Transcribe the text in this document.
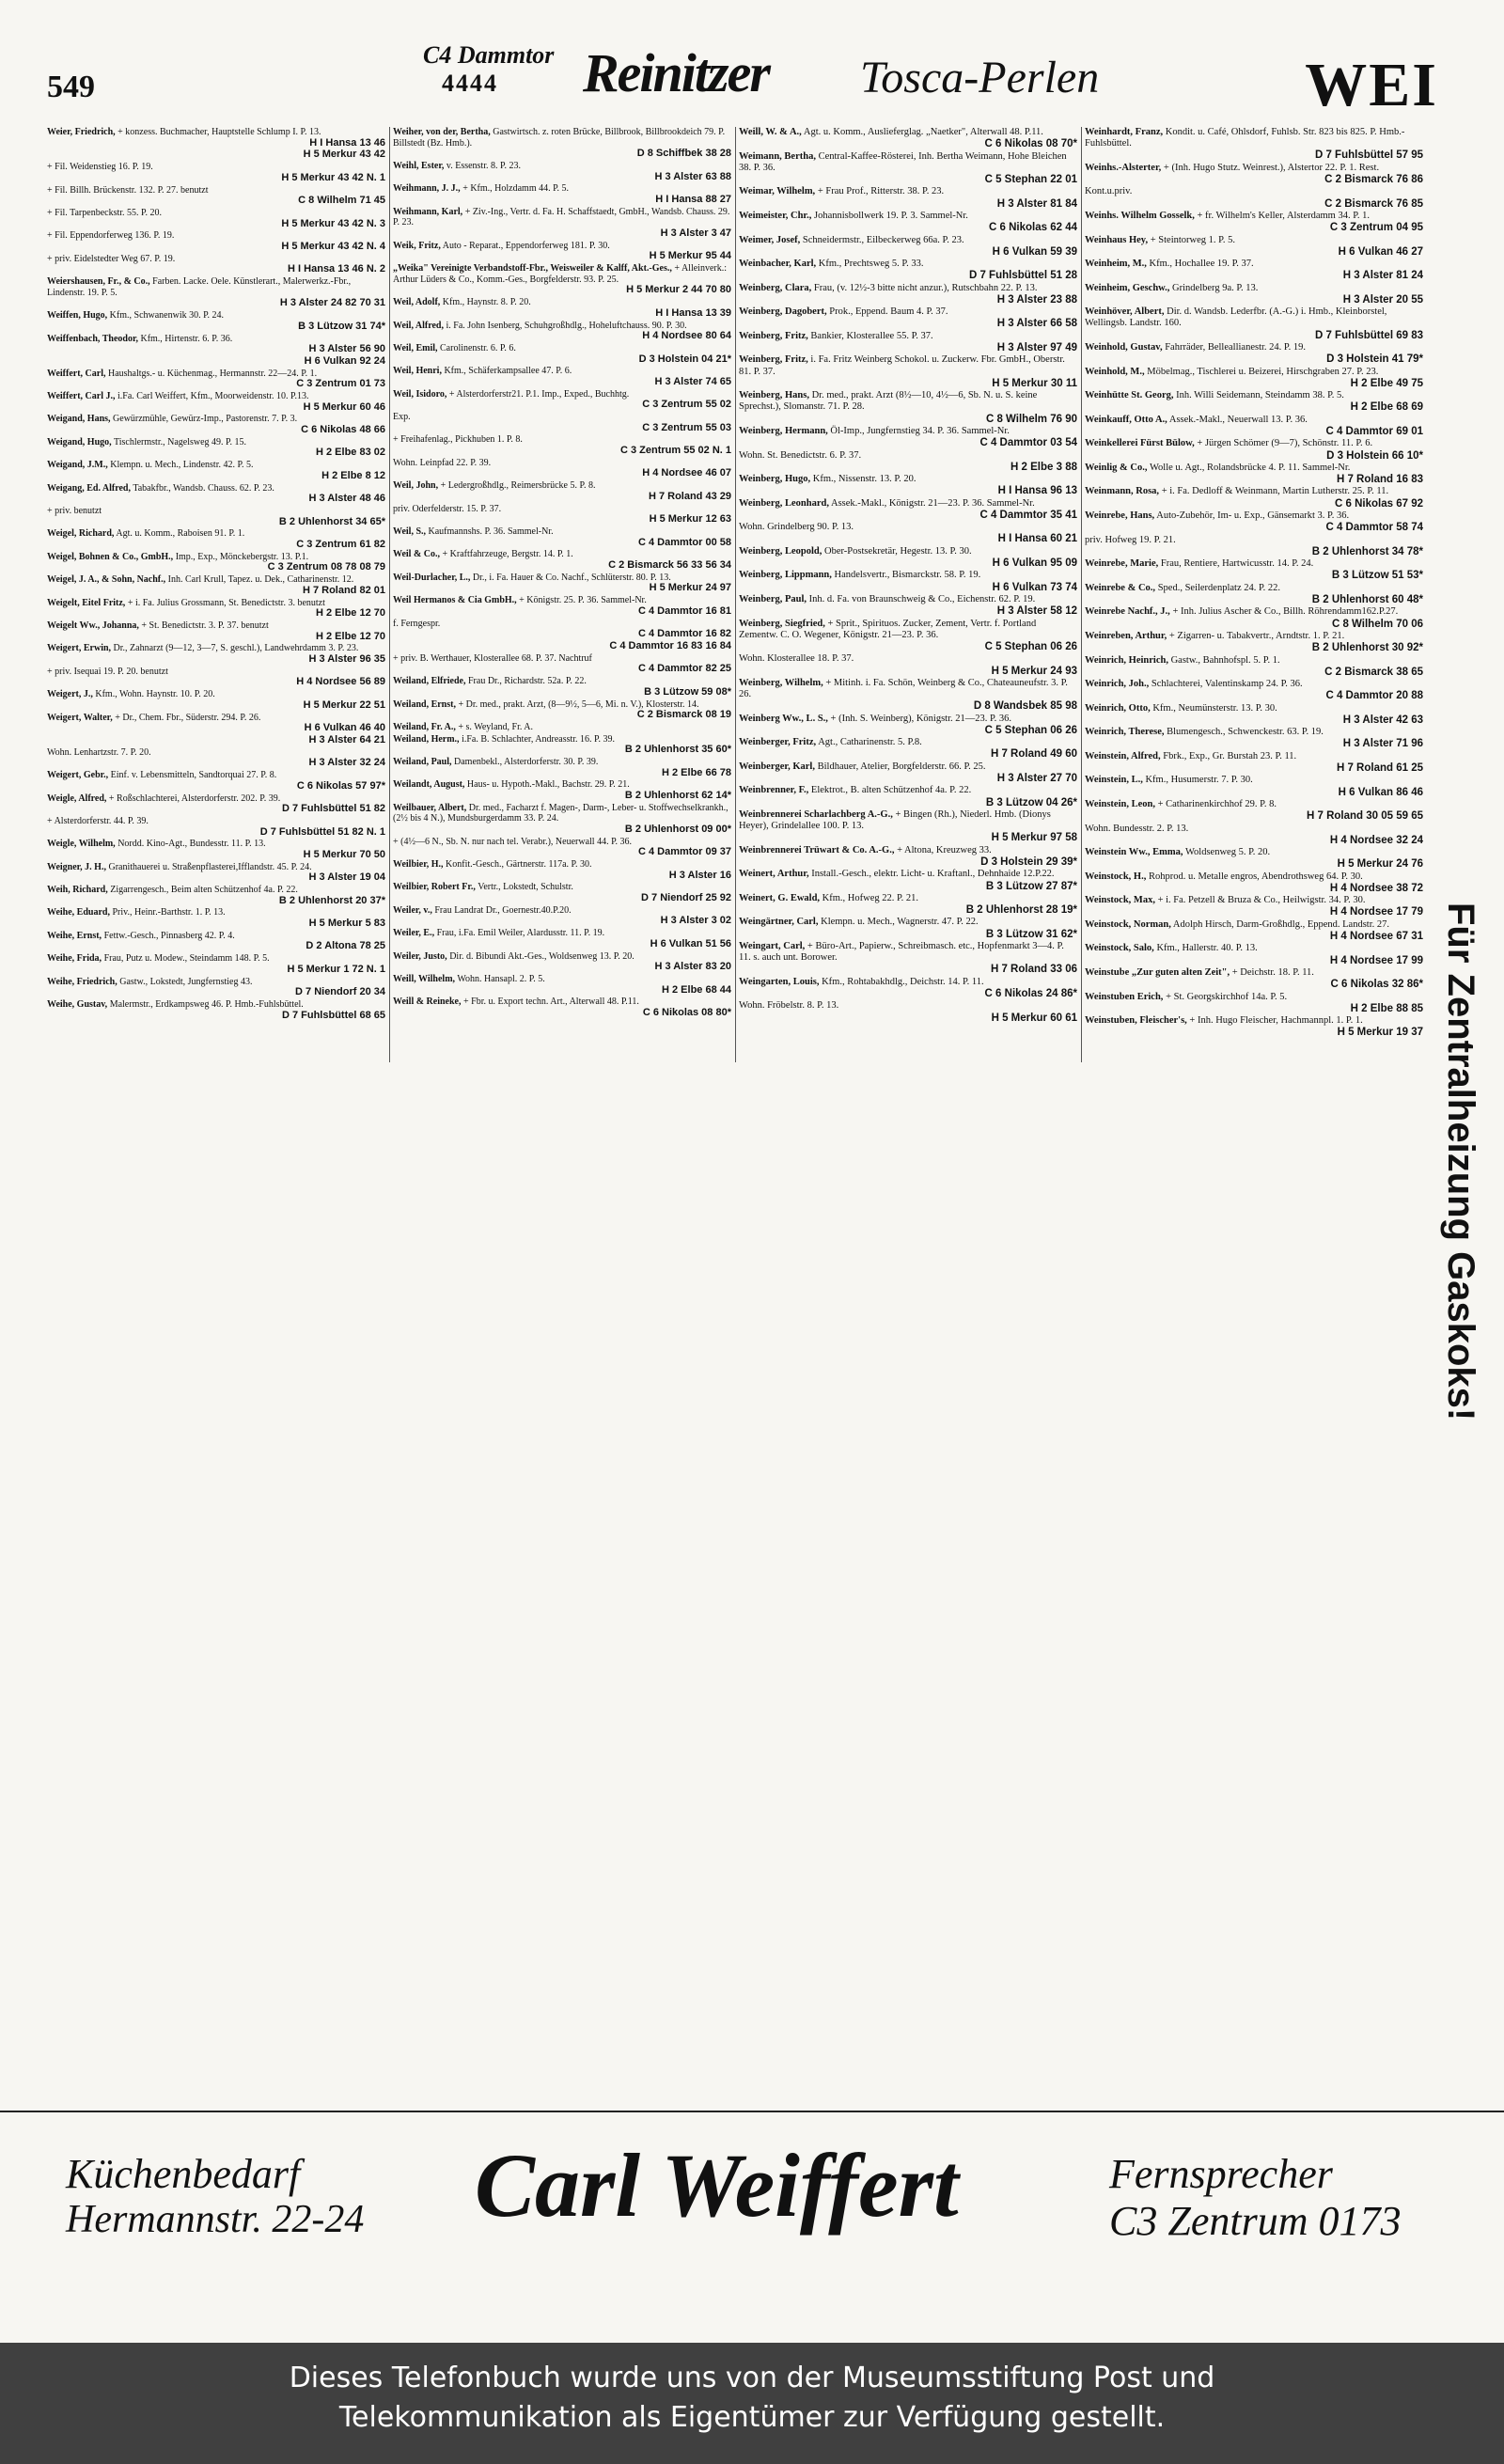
549
C4 Dammtor
4444 Reinitzer Tosca-Perlen	WEI
Weier, Friedrich, + konzess. Buchmacher, Hauptstelle Schlump I. P. 13.
H I Hansa 13 46
H 5 Merkur 43 42
+ Fil. Weidenstieg 16. P. 19.
H 5 Merkur 43 42 N. 1
+ Fil. Billh. Brückenstr. 132. P. 27. benutzt
C 8 Wilhelm 71 45
+ Fil. Tarpenbeckstr. 55. P. 20.
H 5 Merkur 43 42 N. 3
+ Fil. Eppendorferweg 136. P. 19.
H 5 Merkur 43 42 N. 4
+ priv. Eidelstedter Weg 67. P. 19.
H I Hansa 13 46 N. 2
Weiershausen, Fr., & Co., Farben. Lacke. Oele. Künstlerart., Malerwerkz.-Fbr., Lindenstr. 19. P. 5.
H 3 Alster 24 82 70 31
Weiffen, Hugo, Kfm., Schwanenwik 30. P. 24.
B 3 Lützow 31 74*
Weiffenbach, Theodor, Kfm., Hirtenstr. 6. P. 36.
H 3 Alster 56 90
H 6 Vulkan 92 24
Weiffert, Carl, Haushaltgs.- u. Küchenmag., Hermannstr. 22—24. P. 1.
C 3 Zentrum 01 73
Weiffert, Carl J., i.Fa. Carl Weiffert, Kfm., Moorweidenstr. 10. P.13.
H 5 Merkur 60 46
Weigand, Hans, Gewürzmühle, Gewürz-Imp., Pastorenstr. 7. P. 3.
C 6 Nikolas 48 66
Weigand, Hugo, Tischlermstr., Nagelsweg 49. P. 15.
H 2 Elbe 83 02
Weigand, J.M., Klempn. u. Mech., Lindenstr. 42. P. 5.
H 2 Elbe 8 12
Weigang, Ed. Alfred, Tabakfbr., Wandsb. Chauss. 62. P. 23.
H 3 Alster 48 46
+ priv. benutzt
B 2 Uhlenhorst 34 65*
Weigel, Richard, Agt. u. Komm., Raboisen 91. P. 1.
C 3 Zentrum 61 82
Weigel, Bohnen & Co., GmbH., Imp., Exp., Mönckebergstr. 13. P.1.
C 3 Zentrum 08 78 08 79
Weigel, J. A., & Sohn, Nachf., Inh. Carl Krull, Tapez. u. Dek., Catharinenstr. 12.
H 7 Roland 82 01
Weigelt, Eitel Fritz, + i. Fa. Julius Grossmann, St. Benedictstr. 3. benutzt
H 2 Elbe 12 70
Weigelt Ww., Johanna, + St. Benedictstr. 3. P. 37. benutzt
H 2 Elbe 12 70
Weigert, Erwin, Dr., Zahnarzt (9—12, 3—7, S. geschl.), Landwehrdamm 3. P. 23.
H 3 Alster 96 35
+ priv. Isequai 19. P. 20. benutzt
H 4 Nordsee 56 89
Weigert, J., Kfm., Wohn. Haynstr. 10. P. 20.
H 5 Merkur 22 51
Weigert, Walter, + Dr., Chem. Fbr., Süderstr. 294. P. 26.
H 6 Vulkan 46 40
H 3 Alster 64 21
Wohn. Lenhartzstr. 7. P. 20.
H 3 Alster 32 24
Weigert, Gebr., Einf. v. Lebensmitteln, Sandtorquai 27. P. 8.
C 6 Nikolas 57 97*
Weigle, Alfred, + Roßschlachterei, Alsterdorferstr. 202. P. 39.
D 7 Fuhlsbüttel 51 82
+ Alsterdorferstr. 44. P. 39.
D 7 Fuhlsbüttel 51 82 N. 1
Weigle, Wilhelm, Nordd. Kino-Agt., Bundesstr. 11. P. 13.
H 5 Merkur 70 50
Weigner, J. H., Granithauerei u. Straßenpflasterei,Ifflandstr. 45. P. 24.
H 3 Alster 19 04
Weih, Richard, Zigarrengesch., Beim alten Schützenhof 4a. P. 22.
B 2 Uhlenhorst 20 37*
Weihe, Eduard, Priv., Heinr.-Barthstr. 1. P. 13.
H 5 Merkur 5 83
Weihe, Ernst, Fettw.-Gesch., Pinnasberg 42. P. 4.
D 2 Altona 78 25
Weihe, Frida, Frau, Putz u. Modew., Steindamm 148. P. 5.
H 5 Merkur 1 72 N. 1
Weihe, Friedrich, Gastw., Lokstedt, Jungfernstieg 43.
D 7 Niendorf 20 34
Weihe, Gustav, Malermstr., Erdkampsweg 46. P. Hmb.-Fuhlsbüttel.
D 7 Fuhlsbüttel 68 65
Weiher, von der, Bertha, Gastwirtsch. z. roten Brücke, Billbrook, Billbrookdeich 79. P. Billstedt (Bz. Hmb.).
D 8 Schiffbek 38 28
Weihl, Ester, v. Essenstr. 8. P. 23.
H 3 Alster 63 88
Weihmann, J. J., + Kfm., Holzdamm 44. P. 5.
H I Hansa 88 27
Weihmann, Karl, + Ziv.-Ing., Vertr. d. Fa. H. Schaffstaedt, GmbH., Wandsb. Chauss. 29. P. 23.
H 3 Alster 3 47
Weik, Fritz, Auto - Reparat., Eppendorferweg 181. P. 30.
H 5 Merkur 95 44
„Weika" Vereinigte Verbandstoff-Fbr., Weisweiler & Kalff, Akt.-Ges., + Alleinverk.: Arthur Lüders & Co., Komm.-Ges., Borgfelderstr. 93. P. 25.
H 5 Merkur 2 44 70 80
Weil, Adolf, Kfm., Haynstr. 8. P. 20.
H I Hansa 13 39
Weil, Alfred, i. Fa. John Isenberg, Schuhgroßhdlg., Hoheluftchauss. 90. P. 30.
H 4 Nordsee 80 64
Weil, Emil, Carolinenstr. 6. P. 6.
D 3 Holstein 04 21*
Weil, Henri, Kfm., Schäferkampsallee 47. P. 6.
H 3 Alster 74 65
Weil, Isidoro, + Alsterdorferstr21. P.1. Imp., Exped., Buchhtg.
C 3 Zentrum 55 02
Exp.
C 3 Zentrum 55 03
+ Freihafenlag., Pickhuben 1. P. 8.
C 3 Zentrum 55 02 N. 1
Wohn. Leinpfad 22. P. 39.
H 4 Nordsee 46 07
Weil, John, + Ledergroßhdlg., Reimersbrücke 5. P. 8.
H 7 Roland 43 29
priv. Oderfelderstr. 15. P. 37.
H 5 Merkur 12 63
Weil, S., Kaufmannshs. P. 36. Sammel-Nr.
C 4 Dammtor 00 58
Weil & Co., + Kraftfahrzeuge, Bergstr. 14. P. 1.
C 2 Bismarck 56 33 56 34
Weil-Durlacher, L., Dr., i. Fa. Hauer & Co. Nachf., Schlüterstr. 80. P. 13.
H 5 Merkur 24 97
Weil Hermanos & Cia GmbH., + Königstr. 25. P. 36. Sammel-Nr.
C 4 Dammtor 16 81
f. Ferngespr.
C 4 Dammtor 16 82
C 4 Dammtor 16 83 16 84
+ priv. B. Werthauer, Klosterallee 68. P. 37. Nachtruf
C 4 Dammtor 82 25
Weiland, Elfriede, Frau Dr., Richardstr. 52a. P. 22.
B 3 Lützow 59 08*
Weiland, Ernst, + Dr. med., prakt. Arzt, (8—9½, 5—6, Mi. n. V.), Klosterstr. 14.
C 2 Bismarck 08 19
Weiland, Fr. A., + s. Weyland, Fr. A.
Weiland, Herm., i.Fa. B. Schlachter, Andreasstr. 16. P. 39.
B 2 Uhlenhorst 35 60*
Weiland, Paul, Damenbekl., Alsterdorferstr. 30. P. 39.
H 2 Elbe 66 78
Weilandt, August, Haus- u. Hypoth.-Makl., Bachstr. 29. P. 21.
B 2 Uhlenhorst 62 14*
Weilbauer, Albert, Dr. med., Facharzt f. Magen-, Darm-, Leber- u. Stoffwechselkrankh., (2½ bis 4 N.), Mundsburgerdamm 33. P. 24.
B 2 Uhlenhorst 09 00*
+ (4½—6 N., Sb. N. nur nach tel. Verabr.), Neuerwall 44. P. 36.
C 4 Dammtor 09 37
Weilbier, H., Konfit.-Gesch., Gärtnerstr. 117a. P. 30.
H 3 Alster 16
Weilbier, Robert Fr., Vertr., Lokstedt, Schulstr.
D 7 Niendorf 25 92
Weiler, v., Frau Landrat Dr., Goernestr.40.P.20.
H 3 Alster 3 02
Weiler, E., Frau, i.Fa. Emil Weiler, Alardusstr. 11. P. 19.
H 6 Vulkan 51 56
Weiler, Justo, Dir. d. Bibundi Akt.-Ges., Woldsenweg 13. P. 20.
H 3 Alster 83 20
Weill, Wilhelm, Wohn. Hansapl. 2. P. 5.
H 2 Elbe 68 44
Weill & Reineke, + Fbr. u. Export techn. Art., Alterwall 48. P.11.
C 6 Nikolas 08 80*
Weill, W. & A., Agt. u. Komm., Auslieferglag. „Naetker", Alterwall 48. P.11.
C 6 Nikolas 08 70*
Weimann, Bertha, Central-Kaffee-Rösterei, Inh. Bertha Weimann, Hohe Bleichen 38. P. 36.
C 5 Stephan 22 01
Weimar, Wilhelm, + Frau Prof., Ritterstr. 38. P. 23.
H 3 Alster 81 84
Weimeister, Chr., Johannisbollwerk 19. P. 3. Sammel-Nr.
C 6 Nikolas 62 44
Weimer, Josef, Schneidermstr., Eilbeckerweg 66a. P. 23.
H 6 Vulkan 59 39
Weinbacher, Karl, Kfm., Prechtsweg 5. P. 33.
D 7 Fuhlsbüttel 51 28
Weinberg, Clara, Frau, (v. 12½-3 bitte nicht anzur.), Rutschbahn 22. P. 13.
H 3 Alster 23 88
Weinberg, Dagobert, Prok., Eppend. Baum 4. P. 37.
H 3 Alster 66 58
Weinberg, Fritz, Bankier, Klosterallee 55. P. 37.
H 3 Alster 97 49
Weinberg, Fritz, i. Fa. Fritz Weinberg Schokol. u. Zuckerw. Fbr. GmbH., Oberstr. 81. P. 37.
H 5 Merkur 30 11
Weinberg, Hans, Dr. med., prakt. Arzt (8½—10, 4½—6, Sb. N. u. S. keine Sprechst.), Slomanstr. 71. P. 28.
C 8 Wilhelm 76 90
Weinberg, Hermann, Öl-Imp., Jungfernstieg 34. P. 36. Sammel-Nr.
C 4 Dammtor 03 54
Wohn. St. Benedictstr. 6. P. 37.
H 2 Elbe 3 88
Weinberg, Hugo, Kfm., Nissenstr. 13. P. 20.
H I Hansa 96 13
Weinberg, Leonhard, Assek.-Makl., Königstr. 21—23. P. 36. Sammel-Nr.
C 4 Dammtor 35 41
Wohn. Grindelberg 90. P. 13.
H I Hansa 60 21
Weinberg, Leopold, Ober-Postsekretär, Hegestr. 13. P. 30.
H 6 Vulkan 95 09
Weinberg, Lippmann, Handelsvertr., Bismarckstr. 58. P. 19.
H 6 Vulkan 73 74
Weinberg, Paul, Inh. d. Fa. von Braunschweig & Co., Eichenstr. 62. P. 19.
H 3 Alster 58 12
Weinberg, Siegfried, + Sprit., Spirituos. Zucker, Zement, Vertr. f. Portland Zementw. C. O. Wegener, Königstr. 21—23. P. 36.
C 5 Stephan 06 26
Wohn. Klosterallee 18. P. 37.
H 5 Merkur 24 93
Weinberg, Wilhelm, + Mitinh. i. Fa. Schön, Weinberg & Co., Chateauneufstr. 3. P. 26.
D 8 Wandsbek 85 98
Weinberg Ww., L. S., + (Inh. S. Weinberg), Königstr. 21—23. P. 36.
C 5 Stephan 06 26
Weinberger, Fritz, Agt., Catharinenstr. 5. P.8.
H 7 Roland 49 60
Weinberger, Karl, Bildhauer, Atelier, Borgfelderstr. 66. P. 25.
H 3 Alster 27 70
Weinbrenner, F., Elektrot., B. alten Schützenhof 4a. P. 22.
B 3 Lützow 04 26*
Weinbrennerei Scharlachberg A.-G., + Bingen (Rh.), Niederl. Hmb. (Dionys Heyer), Grindelallee 100. P. 13.
H 5 Merkur 97 58
Weinbrennerei Trüwart & Co. A.-G., + Altona, Kreuzweg 33.
D 3 Holstein 29 39*
Weinert, Arthur, Install.-Gesch., elektr. Licht- u. Kraftanl., Dehnhaide 12.P.22.
B 3 Lützow 27 87*
Weinert, G. Ewald, Kfm., Hofweg 22. P. 21.
B 2 Uhlenhorst 28 19*
Weingärtner, Carl, Klempn. u. Mech., Wagnerstr. 47. P. 22.
B 3 Lützow 31 62*
Weingart, Carl, + Büro-Art., Papierw., Schreibmasch. etc., Hopfenmarkt 3—4. P. 11. s. auch unt. Borower.
H 7 Roland 33 06
Weingarten, Louis, Kfm., Rohtabakhdlg., Deichstr. 14. P. 11.
C 6 Nikolas 24 86*
Wohn. Fröbelstr. 8. P. 13.
H 5 Merkur 60 61
Weinhardt, Franz, Kondit. u. Café, Ohlsdorf, Fuhlsb. Str. 823 bis 825. P. Hmb.-Fuhlsbüttel.
D 7 Fuhlsbüttel 57 95
Weinhs.-Alsterter, + (Inh. Hugo Stutz. Weinrest.), Alstertor 22. P. 1. Rest.
C 2 Bismarck 76 86
Kont.u.priv.
C 2 Bismarck 76 85
Weinhs. Wilhelm Gosselk, + fr. Wilhelm's Keller, Alsterdamm 34. P. 1.
C 3 Zentrum 04 95
Weinhaus Hey, + Steintorweg 1. P. 5.
H 6 Vulkan 46 27
Weinheim, M., Kfm., Hochallee 19. P. 37.
H 3 Alster 81 24
Weinheim, Geschw., Grindelberg 9a. P. 13.
H 3 Alster 20 55
Weinhöver, Albert, Dir. d. Wandsb. Lederfbr. (A.-G.) i. Hmb., Kleinborstel, Wellingsb. Landstr. 160.
D 7 Fuhlsbüttel 69 83
Weinhold, Gustav, Fahrräder, Belleallianestr. 24. P. 19.
D 3 Holstein 41 79*
Weinhold, M., Möbelmag., Tischlerei u. Beizerei, Hirschgraben 27. P. 23.
H 2 Elbe 49 75
Weinhütte St. Georg, Inh. Willi Seidemann, Steindamm 38. P. 5.
H 2 Elbe 68 69
Weinkauff, Otto A., Assek.-Makl., Neuerwall 13. P. 36.
C 4 Dammtor 69 01
Weinkellerei Fürst Bülow, + Jürgen Schömer (9—7), Schönstr. 11. P. 6.
D 3 Holstein 66 10*
Weinlig & Co., Wolle u. Agt., Rolandsbrücke 4. P. 11. Sammel-Nr.
H 7 Roland 16 83
Weinmann, Rosa, + i. Fa. Dedloff & Weinmann, Martin Lutherstr. 25. P. 11.
C 6 Nikolas 67 92
Weinrebe, Hans, Auto-Zubehör, Im- u. Exp., Gänsemarkt 3. P. 36.
C 4 Dammtor 58 74
priv. Hofweg 19. P. 21.
B 2 Uhlenhorst 34 78*
Weinrebe, Marie, Frau, Rentiere, Hartwicusstr. 14. P. 24.
B 3 Lützow 51 53*
Weinrebe & Co., Sped., Seilerdenplatz 24. P. 22.
B 2 Uhlenhorst 60 48*
Weinrebe Nachf., J., + Inh. Julius Ascher & Co., Billh. Röhrendamm162.P.27.
C 8 Wilhelm 70 06
Weinreben, Arthur, + Zigarren- u. Tabakvertr., Arndtstr. 1. P. 21.
B 2 Uhlenhorst 30 92*
Weinrich, Heinrich, Gastw., Bahnhofspl. 5. P. 1.
C 2 Bismarck 38 65
Weinrich, Joh., Schlachterei, Valentinskamp 24. P. 36.
C 4 Dammtor 20 88
Weinrich, Otto, Kfm., Neumünsterstr. 13. P. 30.
H 3 Alster 42 63
Weinrich, Therese, Blumengesch., Schwenckestr. 63. P. 19.
H 3 Alster 71 96
Weinstein, Alfred, Fbrk., Exp., Gr. Burstah 23. P. 11.
H 7 Roland 61 25
Weinstein, L., Kfm., Husumerstr. 7. P. 30.
H 6 Vulkan 86 46
Weinstein, Leon, + Catharinenkirchhof 29. P. 8.
H 7 Roland 30 05 59 65
Wohn. Bundesstr. 2. P. 13.
H 4 Nordsee 32 24
Weinstein Ww., Emma, Woldsenweg 5. P. 20.
H 5 Merkur 24 76
Weinstock, H., Rohprod. u. Metalle engros, Abendrothsweg 64. P. 30.
H 4 Nordsee 38 72
Weinstock, Max, + i. Fa. Petzell & Bruza & Co., Heilwigstr. 34. P. 30.
H 4 Nordsee 17 79
Weinstock, Norman, Adolph Hirsch, Darm-Großhdlg., Eppend. Landstr. 27.
H 4 Nordsee 67 31
Weinstock, Salo, Kfm., Hallerstr. 40. P. 13.
H 4 Nordsee 17 99
Weinstube „Zur guten alten Zeit", + Deichstr. 18. P. 11.
C 6 Nikolas 32 86*
Weinstuben Erich, + St. Georgskirchhof 14a. P. 5.
H 2 Elbe 88 85
Weinstuben, Fleischer's, + Inh. Hugo Fleischer, Hachmannpl. 1. P. 1.
H 5 Merkur 19 37 Für Zentralheizung Gaskoks!
Küchenbedarf
Hermannstr. 22-24 Carl Weiffert	Fernsprecher
C3 Zentrum 0173
Dieses Telefonbuch wurde uns von der Museumsstiftung Post und
Telekommunikation als Eigentümer zur Verfügung gestellt.
